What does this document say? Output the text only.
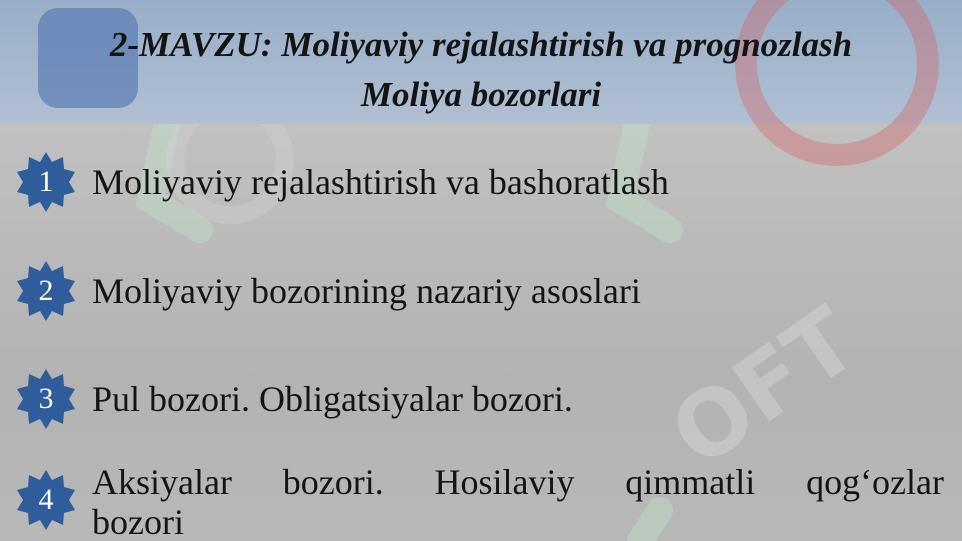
OFT
2-MAVZU: Moliyaviy rejalashtirish va prognozlash
Moliya bozorlari
1	Moliyaviy rejalashtirish va bashoratlash
2	Moliyaviy bozorining nazariy asoslari
3	Pul bozori. Obligatsiyalar bozori.
4	Aksiyalar bozori. Hosilaviy qimmatli qog‘ozlar
bozori
